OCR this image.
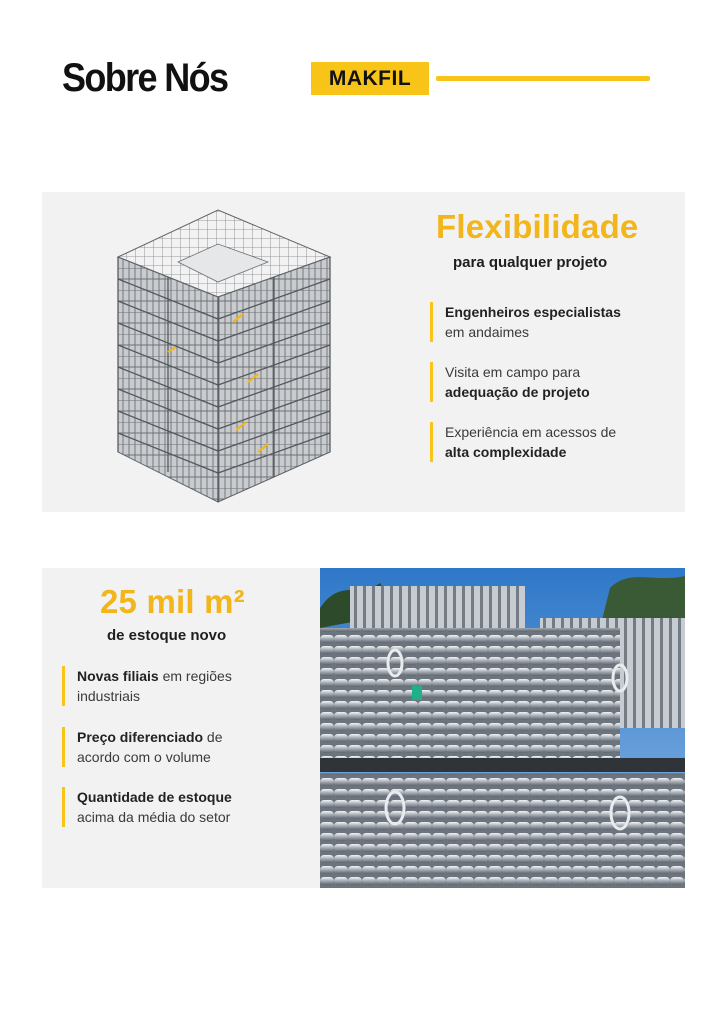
Sobre Nós	MAKFIL
Flexibilidade
para qualquer projeto
Engenheiros especialistas
em andaimes
Visita em campo para
adequação de projeto
Experiência em acessos de
alta complexidade
25 mil m²
de estoque novo
Novas filiais em regiões
industriais
Preço diferenciado de
acordo com o volume
Quantidade de estoque
acima da média do setor
